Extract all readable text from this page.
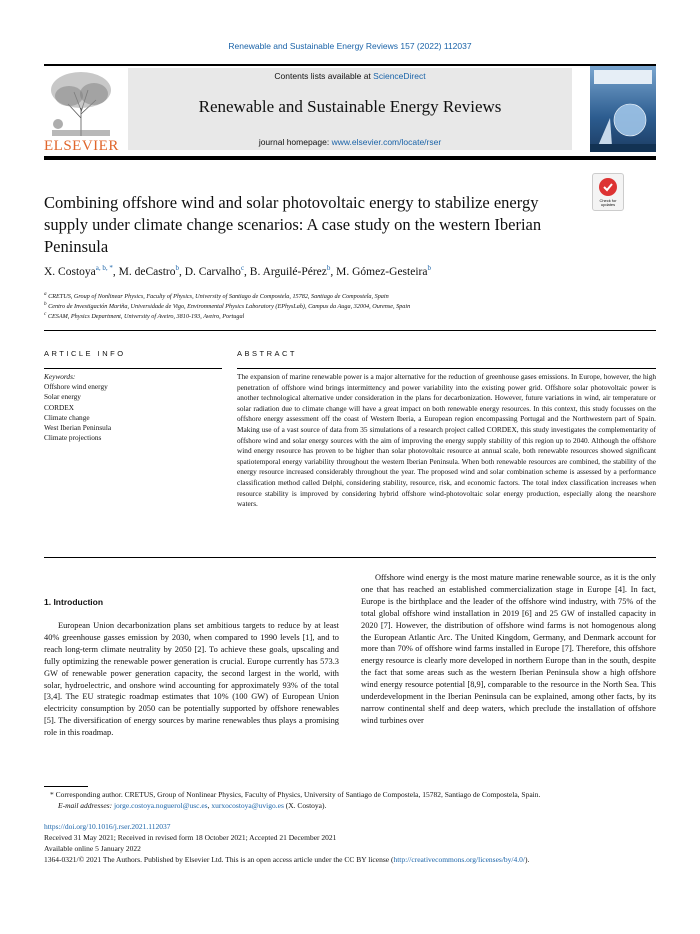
Renewable and Sustainable Energy Reviews 157 (2022) 112037
ELSEVIER
Contents lists available at ScienceDirect
Renewable and Sustainable Energy Reviews
journal homepage: www.elsevier.com/locate/rser
Check for updates
Combining offshore wind and solar photovoltaic energy to stabilize energy supply under climate change scenarios: A case study on the western Iberian Peninsula
X. Costoya$^{a, b, *}$, M. deCastro$^b$, D. Carvalho$^c$, B. Arguilé-Pérez$^b$, M. Gómez-Gesteira$^b$
$^a$ CRETUS, Group of Nonlinear Physics, Faculty of Physics, University of Santiago de Compostela, 15782, Santiago de Compostela, Spain
$^b$ Centro de Investigación Mariña, Universidade de Vigo, Environmental Physics Laboratory (EPhysLab), Campus da Auga, 32004, Ourense, Spain
$^c$ CESAM, Physics Department, University of Aveiro, 3810-193, Aveiro, Portugal
ARTICLE INFO	ABSTRACT
Keywords:
Offshore wind energy
Solar energy
CORDEX
Climate change
West Iberian Peninsula
Climate projections
The expansion of marine renewable power is a major alternative for the reduction of greenhouse gases emissions. In Europe, however, the high penetration of offshore wind brings intermittency and power variability into the existing power grid. Offshore solar photovoltaic power is another technological alternative under consideration in the plans for decarbonization. However, future variations in wind, air temperature or solar radiation due to climate change will have a great impact on both renewable energy resources. In this context, this study focusses on the offshore energy assessment off the coast of Western Iberia, a European region encompassing Portugal and the Northwestern part of Spain. Making use of a vast source of data from 35 simulations of a research project called CORDEX, this study investigates the complementarity of offshore wind and solar energy sources with the aim of improving the energy supply stability of this region up to 2040. Although the offshore wind energy resource has proven to be higher than solar photovoltaic resource at annual scale, both renewable resources showed significant spatiotemporal energy variability throughout the western Iberian Peninsula. When both renewable resources are combined, the stability of the energy resource increased considerably throughout the year. The proposed wind and solar combination scheme is assessed by a performance classification method called Delphi, considering stability, resource, risk, and economic factors. The total index classification increases when resource stability is improved by considering hybrid offshore wind-photovoltaic solar energy production, especially along the nearshore waters.
1. Introduction

European Union decarbonization plans set ambitious targets to reduce by at least 40% greenhouse gasses emission by 2030, when compared to 1990 levels [1], and to reach long-term climate neutrality by 2050 [2]. To achieve these goals, upscaling and fully optimizing the renewable power generation is crucial. Europe currently has 573.3 GW of renewable power generation capacity, the second largest in the world, with solar, hydroelectric, and onshore wind accounting for approximately 93% of the total [3,4]. The EU strategic roadmap estimates that 10% (100 GW) of European Union electricity consumption by 2050 can be potentially supported by offshore renewables [5]. The diversification of energy sources by marine renewables thus plays a promising role in this roadmap.

Offshore wind energy is the most mature marine renewable source, as it is the only one that has reached an established commercialization stage in Europe [4]. In fact, Europe is the birthplace and the leader of the offshore wind industry, with 75% of the total global offshore wind installation in 2019 [6] and 25 GW of installed capacity in 2020 [7]. However, the distribution of offshore wind farms is not homogenous along the European Atlantic Arc. The United Kingdom, Germany, and Denmark account for more than 70% of offshore wind farms installed in Europe [7]. Therefore, this offshore energy resource is clearly more developed in northern Europe than in the south, despite the fact that some areas such as the western Iberian Peninsula show a high offshore wind energy resource potential [8,9], comparable to the resource in the North Sea. This underdevelopment in the Iberian Peninsula can be explained, among other facts, by its narrow continental shelf and deep waters, which preclude the installation of offshore wind turbines over

* Corresponding author. CRETUS, Group of Nonlinear Physics, Faculty of Physics, University of Santiago de Compostela, 15782, Santiago de Compostela, Spain.
E-mail addresses: jorge.costoya.noguerol@usc.es, xurxocostoya@uvigo.es (X. Costoya).
https://doi.org/10.1016/j.rser.2021.112037
Received 31 May 2021; Received in revised form 18 October 2021; Accepted 21 December 2021
Available online 5 January 2022
1364-0321/© 2021 The Authors. Published by Elsevier Ltd. This is an open access article under the CC BY license (http://creativecommons.org/licenses/by/4.0/).
